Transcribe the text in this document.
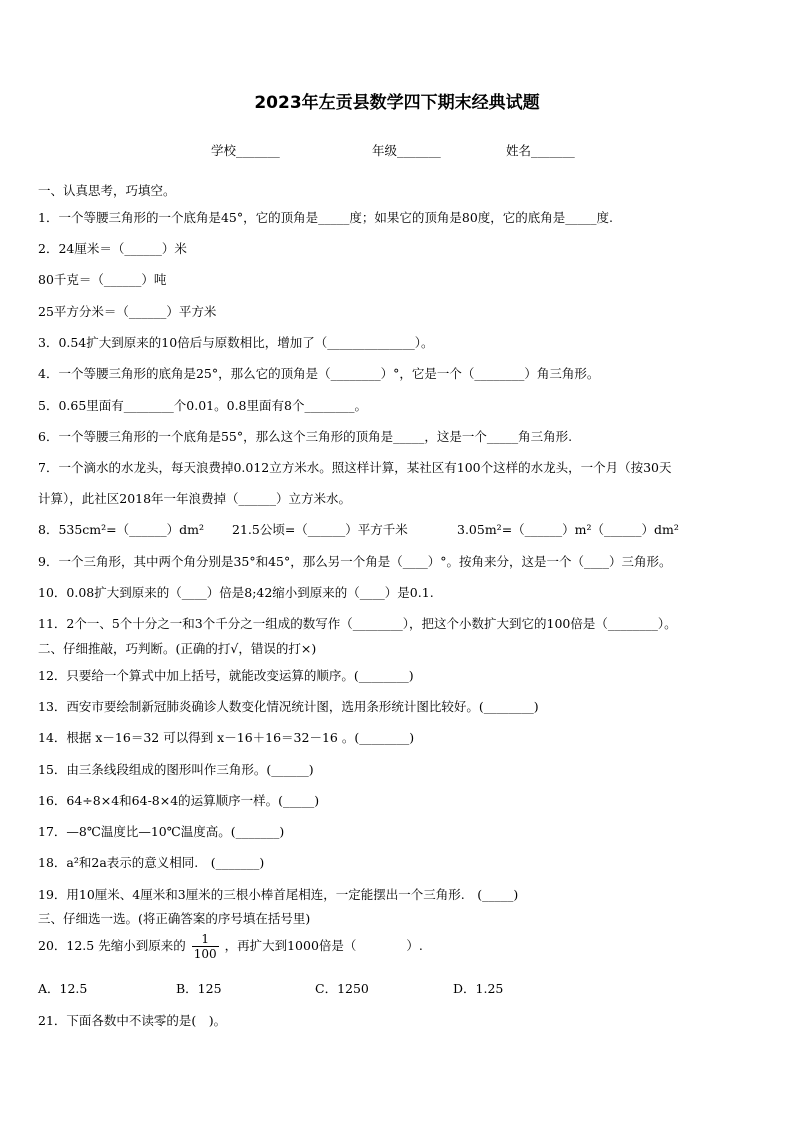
2023年左贡县数学四下期末经典试题
学校_______	年级_______	姓名_______
一、认真思考，巧填空。
1．一个等腰三角形的一个底角是45°，它的顶角是_____度；如果它的顶角是80度，它的底角是_____度.
2．24厘米＝（______）米
80千克＝（______）吨
25平方分米＝（______）平方米
3．0.54扩大到原来的10倍后与原数相比，增加了（______________）。
4．一个等腰三角形的底角是25°，那么它的顶角是（________）°，它是一个（________）角三角形。
5．0.65里面有________个0.01。0.8里面有8个________。
6．一个等腰三角形的一个底角是55°，那么这个三角形的顶角是_____，这是一个_____角三角形.
7．一个滴水的水龙头，每天浪费掉0.012立方米水。照这样计算，某社区有100个这样的水龙头，一个月（按30天
计算），此社区2018年一年浪费掉（______）立方米水。
8．535cm²=（______）dm² 21.5公顷=（______）平方千米	3.05m²=（______）m²（______）dm²
9．一个三角形，其中两个角分别是35°和45°，那么另一个角是（____）°。按角来分，这是一个（____）三角形。
10．0.08扩大到原来的（____）倍是8;42缩小到原来的（____）是0.1.
11．2个一、5个十分之一和3个千分之一组成的数写作（________），把这个小数扩大到它的100倍是（________）。
二、仔细推敲，巧判断。(正确的打√，错误的打×)
12．只要给一个算式中加上括号，就能改变运算的顺序。(________)
13．西安市要绘制新冠肺炎确诊人数变化情况统计图，选用条形统计图比较好。(________)
14．根据 x－16＝32 可以得到 x－16＋16＝32－16 。(________)
15．由三条线段组成的图形叫作三角形。(______)
16．64÷8×4和64-8×4的运算顺序一样。(_____)
17．—8℃温度比—10℃温度高。(_______)
18．a²和2a表示的意义相同.　(_______)
19．用10厘米、4厘米和3厘米的三根小棒首尾相连，一定能摆出一个三角形.　(_____)
三、仔细选一选。(将正确答案的序号填在括号里)
20．12.5 先缩小到原来的 $\frac{1}{100}$ ，再扩大到1000倍是（　　　　）.
A．12.5	B．125	C．1250	D．1.25
21．下面各数中不读零的是(　)。
